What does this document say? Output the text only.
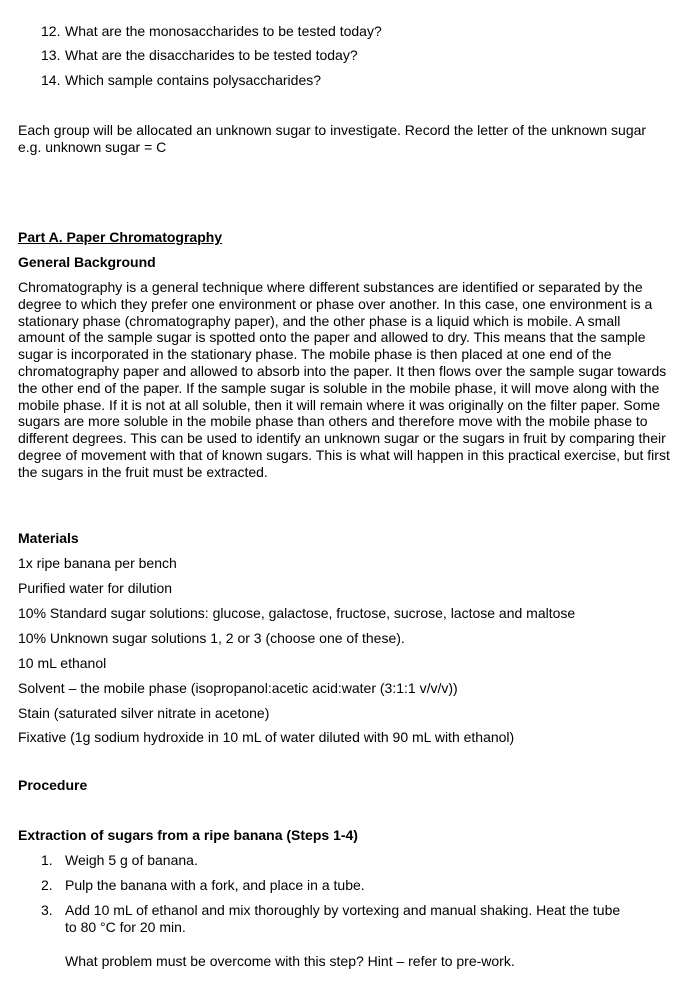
12. What are the monosaccharides to be tested today?
13. What are the disaccharides to be tested today?
14. Which sample contains polysaccharides?
Each group will be allocated an unknown sugar to investigate. Record the letter of the unknown sugar e.g. unknown sugar = C
Part A. Paper Chromatography
General Background
Chromatography is a general technique where different substances are identified or separated by the degree to which they prefer one environment or phase over another. In this case, one environment is a stationary phase (chromatography paper), and the other phase is a liquid which is mobile. A small amount of the sample sugar is spotted onto the paper and allowed to dry. This means that the sample sugar is incorporated in the stationary phase. The mobile phase is then placed at one end of the chromatography paper and allowed to absorb into the paper. It then flows over the sample sugar towards the other end of the paper. If the sample sugar is soluble in the mobile phase, it will move along with the mobile phase. If it is not at all soluble, then it will remain where it was originally on the filter paper. Some sugars are more soluble in the mobile phase than others and therefore move with the mobile phase to different degrees. This can be used to identify an unknown sugar or the sugars in fruit by comparing their degree of movement with that of known sugars. This is what will happen in this practical exercise, but first the sugars in the fruit must be extracted.
Materials
1x ripe banana per bench
Purified water for dilution
10% Standard sugar solutions: glucose, galactose, fructose, sucrose, lactose and maltose
10% Unknown sugar solutions 1, 2 or 3 (choose one of these).
10 mL ethanol
Solvent – the mobile phase (isopropanol:acetic acid:water (3:1:1 v/v/v))
Stain (saturated silver nitrate in acetone)
Fixative (1g sodium hydroxide in 10 mL of water diluted with 90 mL with ethanol)
Procedure
Extraction of sugars from a ripe banana (Steps 1-4)
1. Weigh 5 g of banana.
2. Pulp the banana with a fork, and place in a tube.
3. Add 10 mL of ethanol and mix thoroughly by vortexing and manual shaking. Heat the tube
to 80 °C for 20 min.
What problem must be overcome with this step? Hint – refer to pre-work.
